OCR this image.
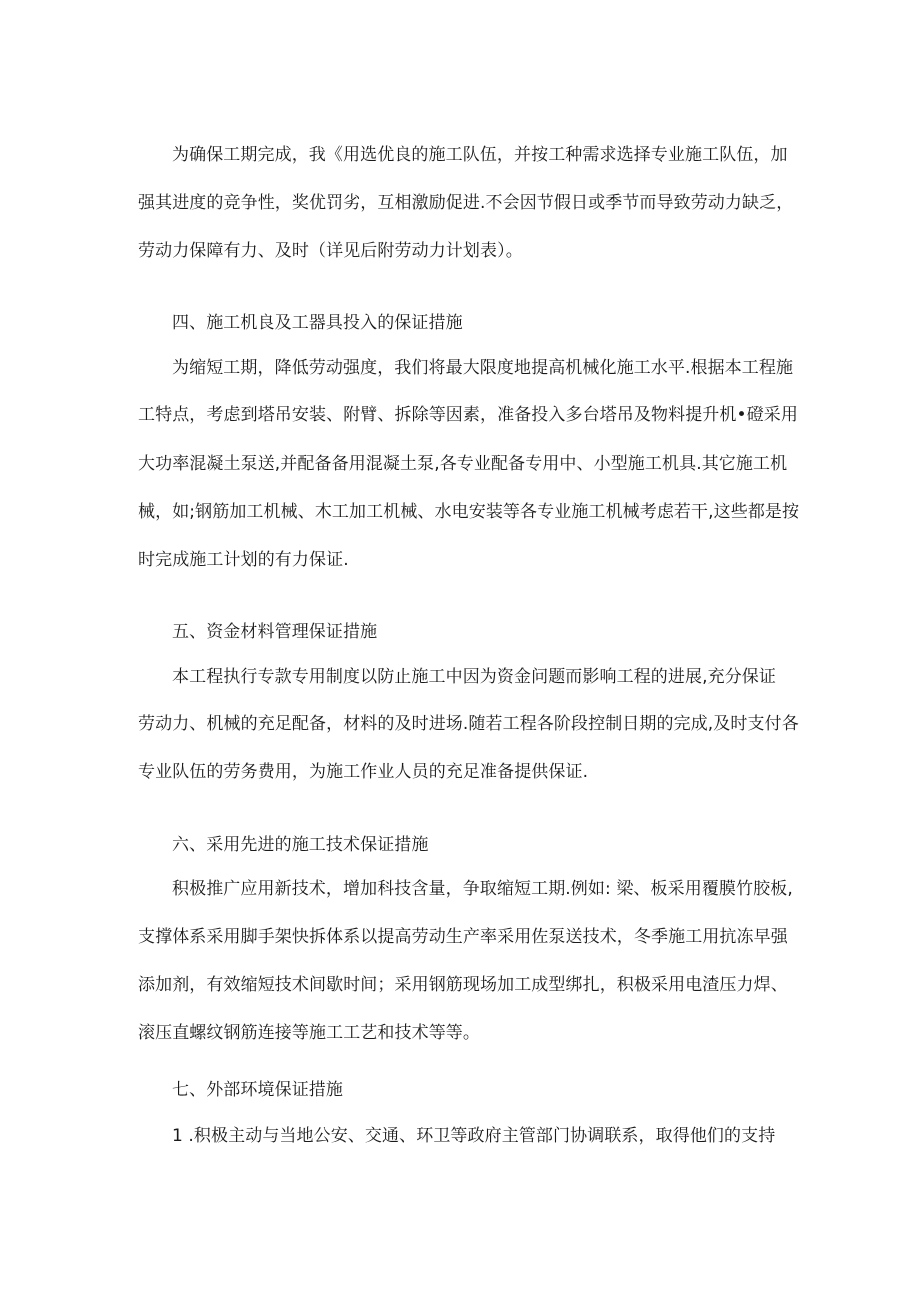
为确保工期完成，我《用选优良的施工队伍，并按工种需求选择专业施工队伍，加
强其进度的竞争性，奖优罚劣，互相激励促进.不会因节假日或季节而导致劳动力缺乏，
劳动力保障有力、及时（详见后附劳动力计划表）。
四、施工机良及工器具投入的保证措施
为缩短工期，降低劳动强度，我们将最大限度地提高机械化施工水平.根据本工程施
工特点，考虑到塔吊安装、附臂、拆除等因素，准备投入多台塔吊及物料提升机•磴采用
大功率混凝土泵送,并配备备用混凝土泵,各专业配备专用中、小型施工机具.其它施工机
械，如;钢筋加工机械、木工加工机械、水电安装等各专业施工机械考虑若干,这些都是按
时完成施工计划的有力保证.
五、资金材料管理保证措施
本工程执行专款专用制度以防止施工中因为资金问题而影响工程的进展,充分保证
劳动力、机械的充足配备，材料的及时进场.随若工程各阶段控制日期的完成,及时支付各
专业队伍的劳务费用，为施工作业人员的充足准备提供保证.
六、采用先进的施工技术保证措施
积极推广应用新技术，增加科技含量，争取缩短工期.例如: 梁、板采用覆膜竹胶板,
支撑体系采用脚手架快拆体系以提高劳动生产率采用佐泵送技术，冬季施工用抗冻早强
添加剂，有效缩短技术间歇时间；采用钢筋现场加工成型绑扎，积极采用电渣压力焊、
滚压直螺纹钢筋连接等施工工艺和技术等等。
七、外部环境保证措施
1 .积极主动与当地公安、交通、环卫等政府主管部门协调联系，取得他们的支持
